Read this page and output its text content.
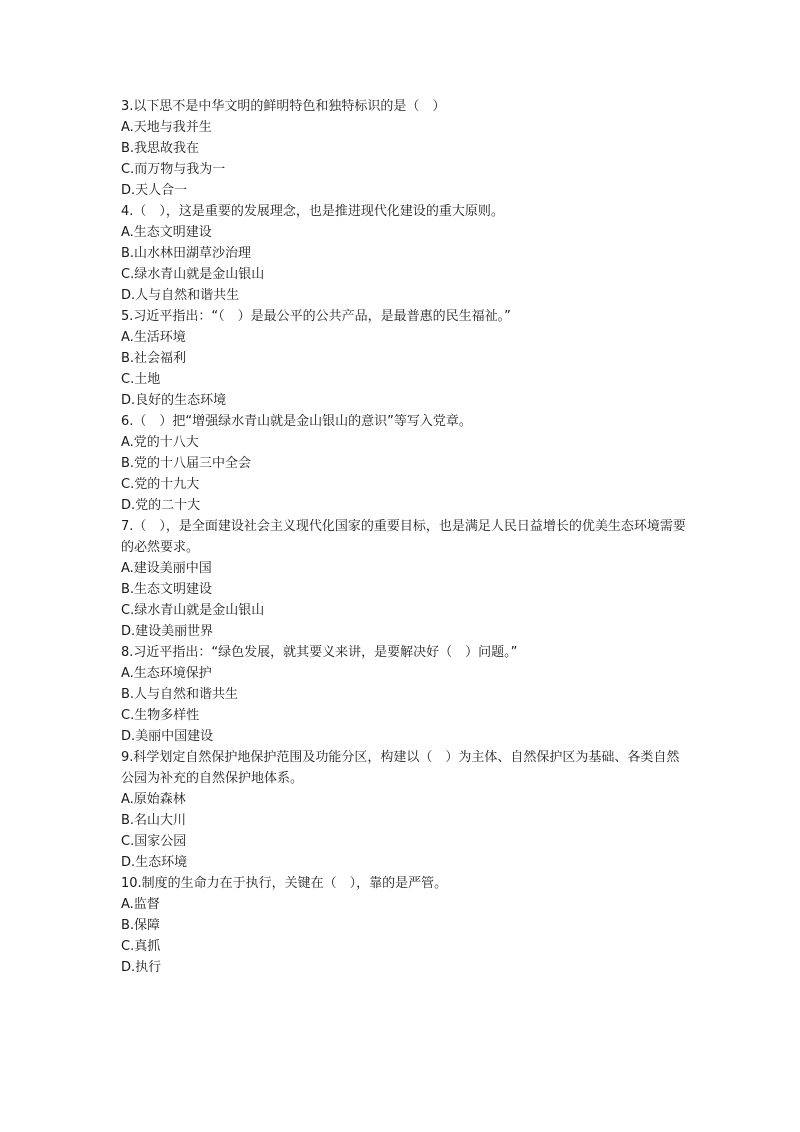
3.以下思不是中华文明的鲜明特色和独特标识的是（　）

A.天地与我并生

B.我思故我在

C.而万物与我为一

D.天人合一

4.（　），这是重要的发展理念，也是推进现代化建设的重大原则。

A.生态文明建设

B.山水林田湖草沙治理

C.绿水青山就是金山银山

D.人与自然和谐共生

5.习近平指出：“（　）是最公平的公共产品，是最普惠的民生福祉。”

A.生活环境

B.社会福利

C.土地

D.良好的生态环境

6.（　）把“增强绿水青山就是金山银山的意识”等写入党章。

A.党的十八大

B.党的十八届三中全会

C.党的十九大

D.党的二十大

7.（　），是全面建设社会主义现代化国家的重要目标，也是满足人民日益增长的优美生态环境需要的必然要求。

A.建设美丽中国

B.生态文明建设

C.绿水青山就是金山银山

D.建设美丽世界

8.习近平指出：“绿色发展，就其要义来讲，是要解决好（　）问题。”

A.生态环境保护

B.人与自然和谐共生

C.生物多样性

D.美丽中国建设

9.科学划定自然保护地保护范围及功能分区，构建以（　）为主体、自然保护区为基础、各类自然公园为补充的自然保护地体系。

A.原始森林

B.名山大川

C.国家公园

D.生态环境

10.制度的生命力在于执行，关键在（　），靠的是严管。

A.监督

B.保障

C.真抓

D.执行
